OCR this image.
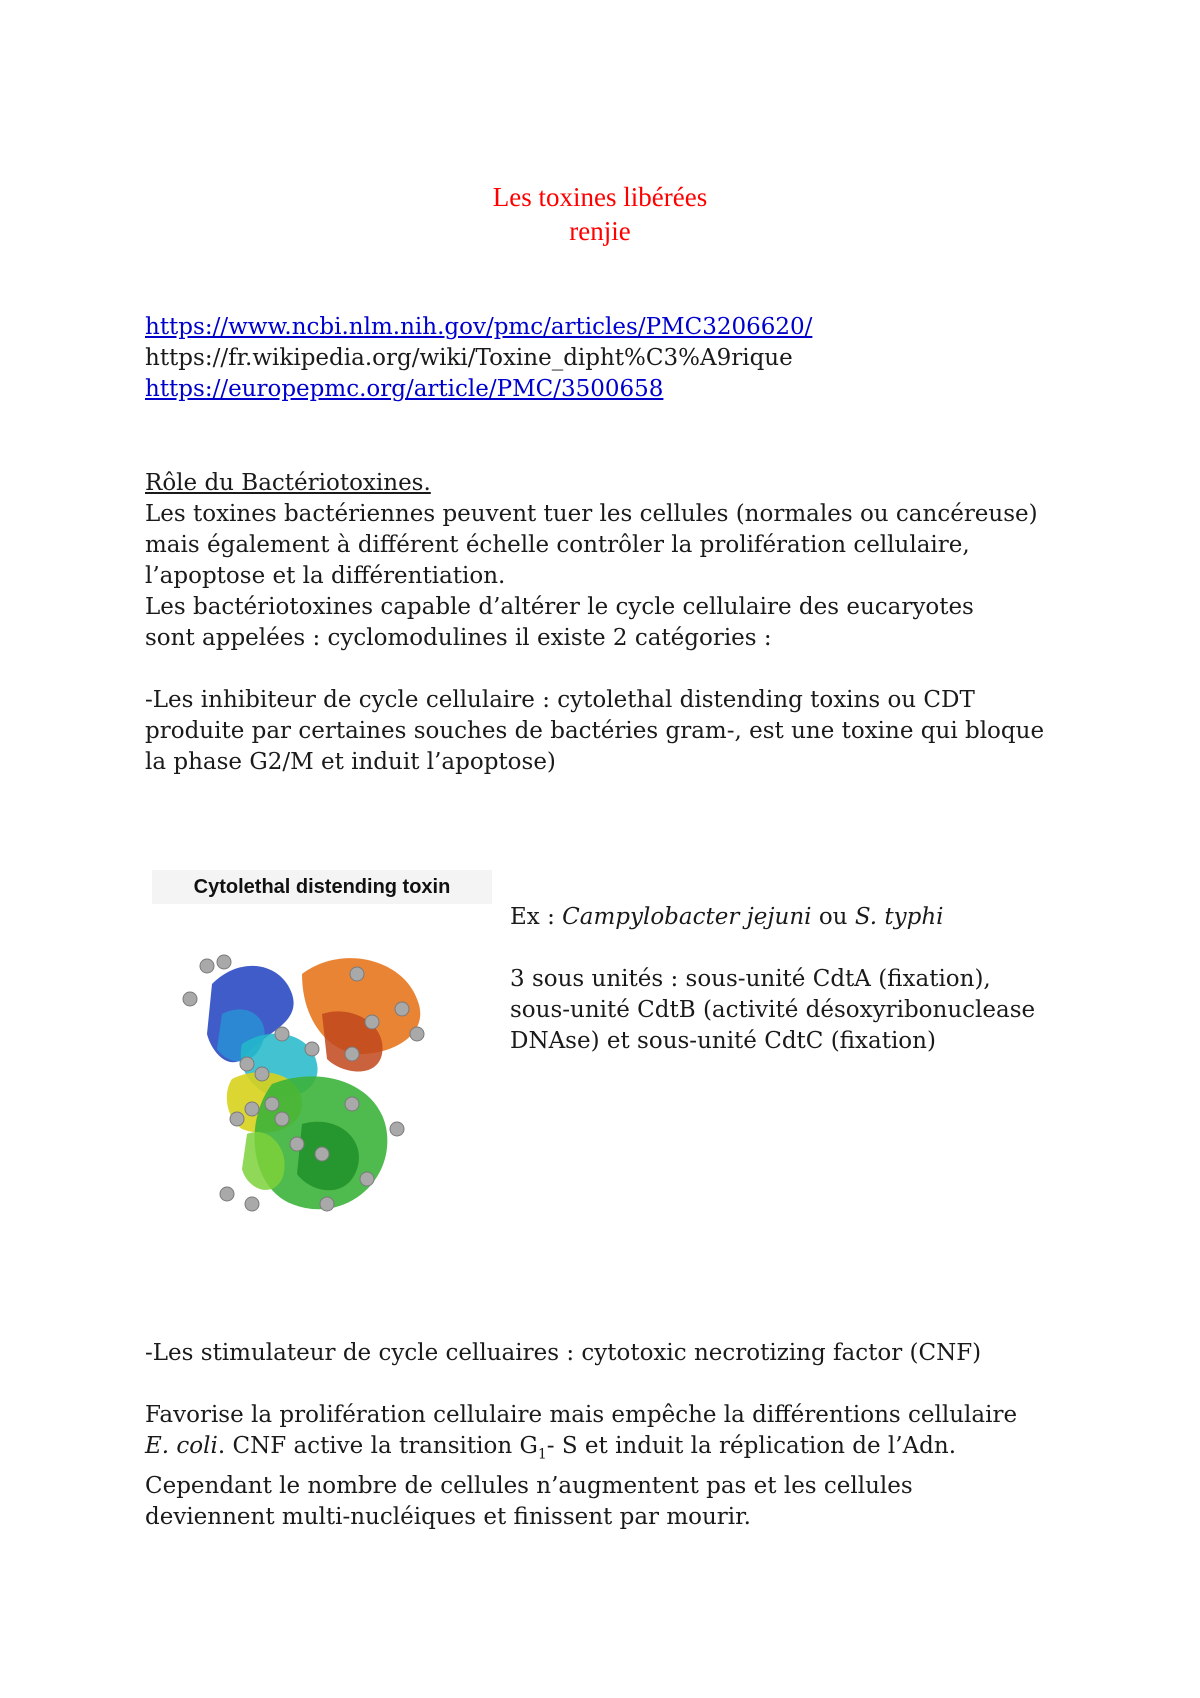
Les toxines libérées
renjie
https://www.ncbi.nlm.nih.gov/pmc/articles/PMC3206620/
https://fr.wikipedia.org/wiki/Toxine_dipht%C3%A9rique
https://europepmc.org/article/PMC/3500658

Rôle du Bactériotoxines.

Les toxines bactériennes peuvent tuer les cellules (normales ou cancéreuse)

mais également à différent échelle contrôler la prolifération cellulaire,

l’apoptose et la différentiation.

Les bactériotoxines capable d’altérer le cycle cellulaire des eucaryotes

sont appelées : cyclomodulines il existe 2 catégories :

-Les inhibiteur de cycle cellulaire : cytolethal distending toxins ou CDT

produite par certaines souches de bactéries gram-, est une toxine qui bloque

la phase G2/M et induit l’apoptose)

Cytolethal distending toxin

Ex : Campylobacter jejuni ou S. typhi

3 sous unités : sous-unité CdtA (fixation),

sous-unité CdtB (activité désoxyribonuclease

DNAse) et sous-unité CdtC (fixation)

-Les stimulateur de cycle celluaires : cytotoxic necrotizing factor (CNF)

Favorise la prolifération cellulaire mais empêche la différentions cellulaire

E. coli. CNF active la transition $G_1-$ S et induit la réplication de l’Adn.

Cependant le nombre de cellules n’augmentent pas et les cellules

deviennent multi-nucléiques et finissent par mourir.
